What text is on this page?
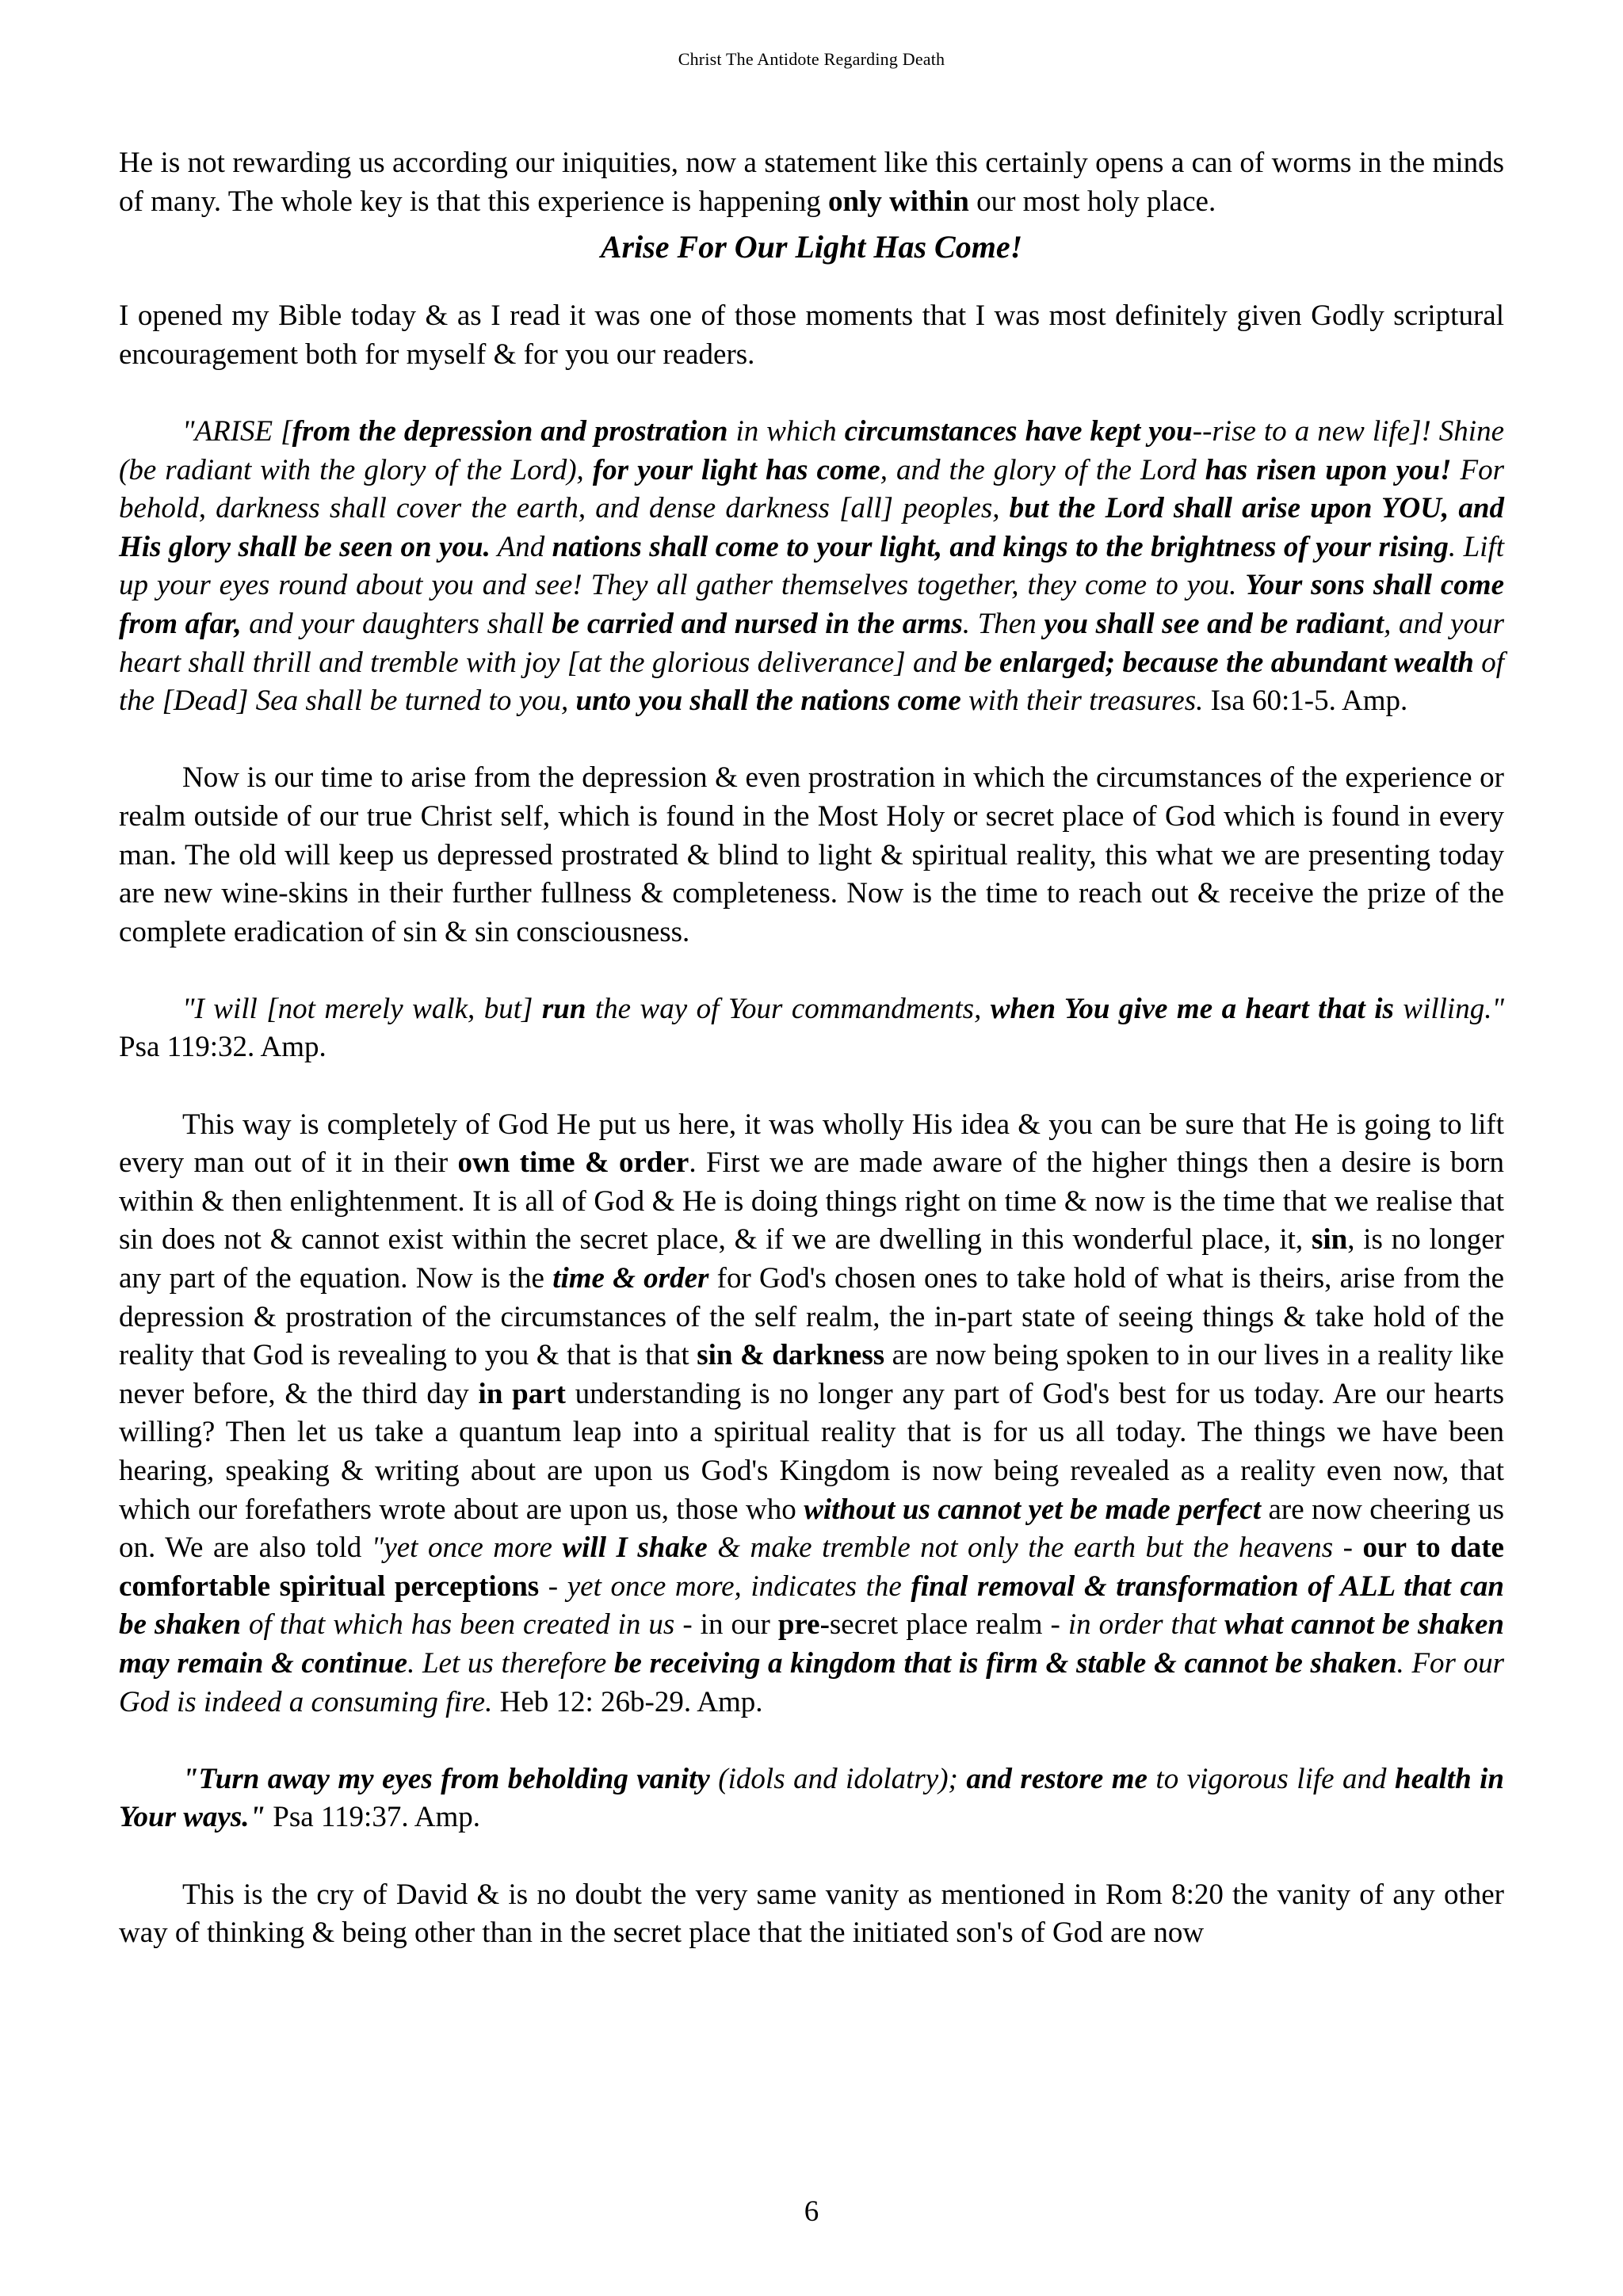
Christ The Antidote Regarding Death

He is not rewarding us according our iniquities, now a statement like this certainly opens a can of worms in the minds of many. The whole key is that this experience is happening only within our most holy place.

Arise For Our Light Has Come!

I opened my Bible today & as I read it was one of those moments that I was most definitely given Godly scriptural encouragement both for myself & for you our readers.

"ARISE [from the depression and prostration in which circumstances have kept you--rise to a new life]! Shine (be radiant with the glory of the Lord), for your light has come, and the glory of the Lord has risen upon you! For behold, darkness shall cover the earth, and dense darkness [all] peoples, but the Lord shall arise upon YOU, and His glory shall be seen on you. And nations shall come to your light, and kings to the brightness of your rising. Lift up your eyes round about you and see! They all gather themselves together, they come to you. Your sons shall come from afar, and your daughters shall be carried and nursed in the arms. Then you shall see and be radiant, and your heart shall thrill and tremble with joy [at the glorious deliverance] and be enlarged; because the abundant wealth of the [Dead] Sea shall be turned to you, unto you shall the nations come with their treasures. Isa 60:1-5. Amp.

Now is our time to arise from the depression & even prostration in which the circumstances of the experience or realm outside of our true Christ self, which is found in the Most Holy or secret place of God which is found in every man. The old will keep us depressed prostrated & blind to light & spiritual reality, this what we are presenting today are new wine-skins in their further fullness & completeness. Now is the time to reach out & receive the prize of the complete eradication of sin & sin consciousness.

"I will [not merely walk, but] run the way of Your commandments, when You give me a heart that is willing." Psa 119:32. Amp.

This way is completely of God He put us here, it was wholly His idea & you can be sure that He is going to lift every man out of it in their own time & order. First we are made aware of the higher things then a desire is born within & then enlightenment. It is all of God & He is doing things right on time & now is the time that we realise that sin does not & cannot exist within the secret place, & if we are dwelling in this wonderful place, it, sin, is no longer any part of the equation. Now is the time & order for God's chosen ones to take hold of what is theirs, arise from the depression & prostration of the circumstances of the self realm, the in-part state of seeing things & take hold of the reality that God is revealing to you & that is that sin & darkness are now being spoken to in our lives in a reality like never before, & the third day in part understanding is no longer any part of God's best for us today. Are our hearts willing? Then let us take a quantum leap into a spiritual reality that is for us all today. The things we have been hearing, speaking & writing about are upon us God's Kingdom is now being revealed as a reality even now, that which our forefathers wrote about are upon us, those who without us cannot yet be made perfect are now cheering us on. We are also told "yet once more will I shake & make tremble not only the earth but the heavens - our to date comfortable spiritual perceptions - yet once more, indicates the final removal & transformation of ALL that can be shaken of that which has been created in us - in our pre-secret place realm - in order that what cannot be shaken may remain & continue. Let us therefore be receiving a kingdom that is firm & stable & cannot be shaken. For our God is indeed a consuming fire. Heb 12: 26b-29. Amp.

"Turn away my eyes from beholding vanity (idols and idolatry); and restore me to vigorous life and health in Your ways." Psa 119:37. Amp.

This is the cry of David & is no doubt the very same vanity as mentioned in Rom 8:20 the vanity of any other way of thinking & being other than in the secret place that the initiated son's of God are now

6
